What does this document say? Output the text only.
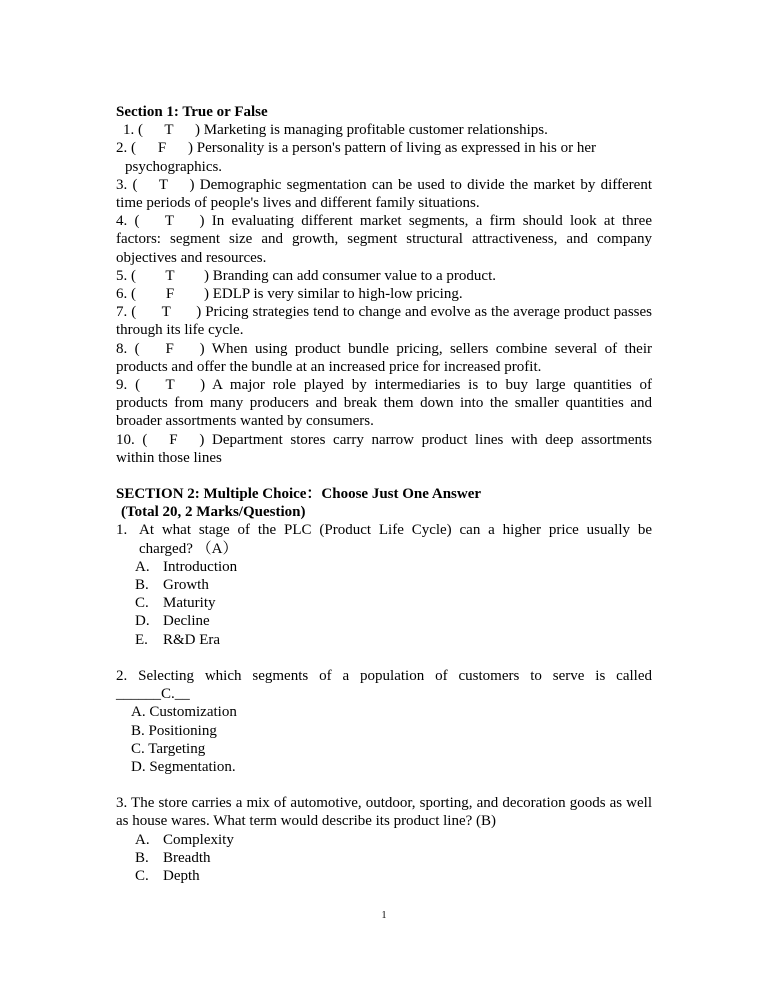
Section 1: True or False
1. ( T ) Marketing is managing profitable customer relationships.
2. ( F ) Personality is a person's pattern of living as expressed in his or her
psychographics.
3. ( T ) Demographic segmentation can be used to divide the market by different time periods of people's lives and different family situations.
4. ( T ) In evaluating different market segments, a firm should look at three factors: segment size and growth, segment structural attractiveness, and company objectives and resources.
5. ( T ) Branding can add consumer value to a product.
6. ( F ) EDLP is very similar to high-low pricing.
7. ( T ) Pricing strategies tend to change and evolve as the average product passes through its life cycle.
8. ( F ) When using product bundle pricing, sellers combine several of their products and offer the bundle at an increased price for increased profit.
9. ( T ) A major role played by intermediaries is to buy large quantities of products from many producers and break them down into the smaller quantities and broader assortments wanted by consumers.
10. ( F ) Department stores carry narrow product lines with deep assortments within those lines
SECTION 2: Multiple Choice：Choose Just One Answer
(Total 20, 2 Marks/Question)
1. At what stage of the PLC (Product Life Cycle) can a higher price usually be charged? （A）
A. Introduction
B. Growth
C. Maturity
D. Decline
E. R&D Era
2. Selecting which segments of a population of customers to serve is called
______C.__
A. Customization
B. Positioning
C. Targeting
D. Segmentation.
3. The store carries a mix of automotive, outdoor, sporting, and decoration goods as well as house wares. What term would describe its product line? (B)
A. Complexity
B. Breadth
C. Depth
1
